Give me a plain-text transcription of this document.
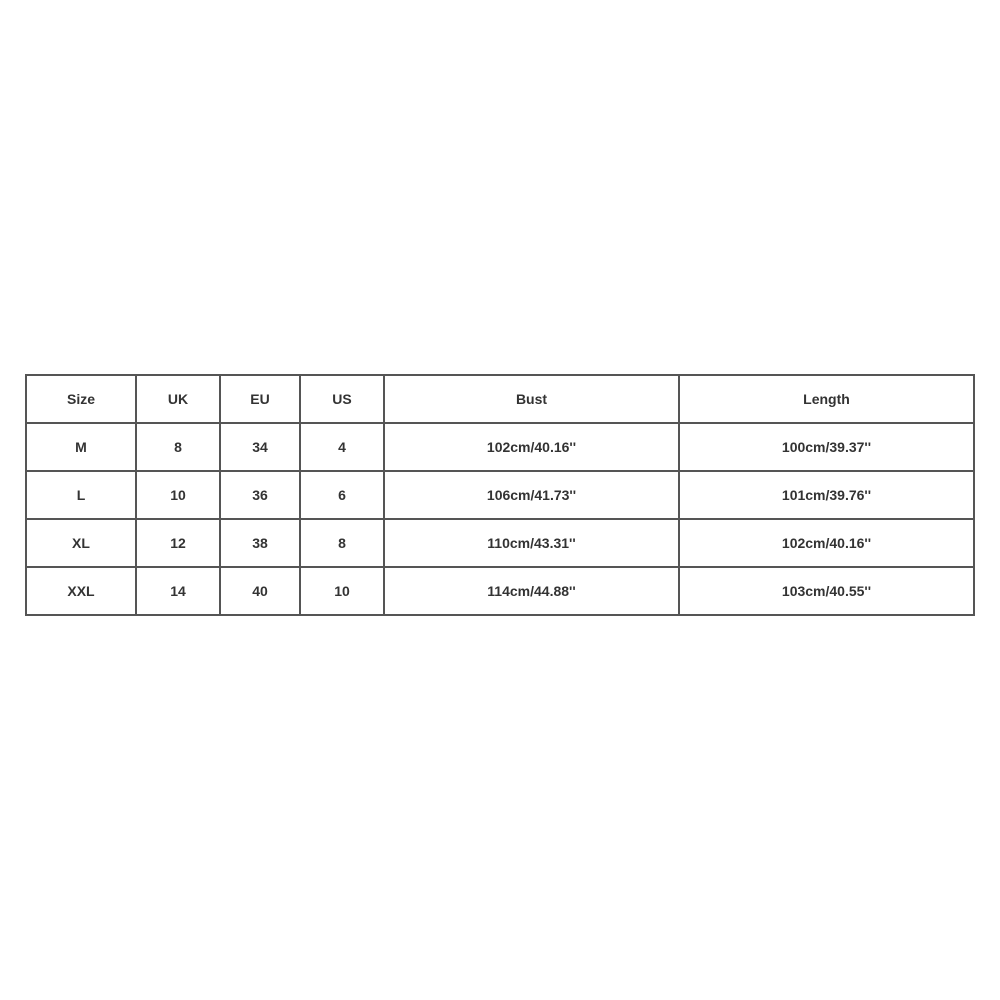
Size	UK	EU	US	Bust	Length
M	8	34	4	102cm/40.16''	100cm/39.37''
L	10	36	6	106cm/41.73''	101cm/39.76''
XL	12	38	8	110cm/43.31''	102cm/40.16''
XXL	14	40	10	114cm/44.88''	103cm/40.55''
